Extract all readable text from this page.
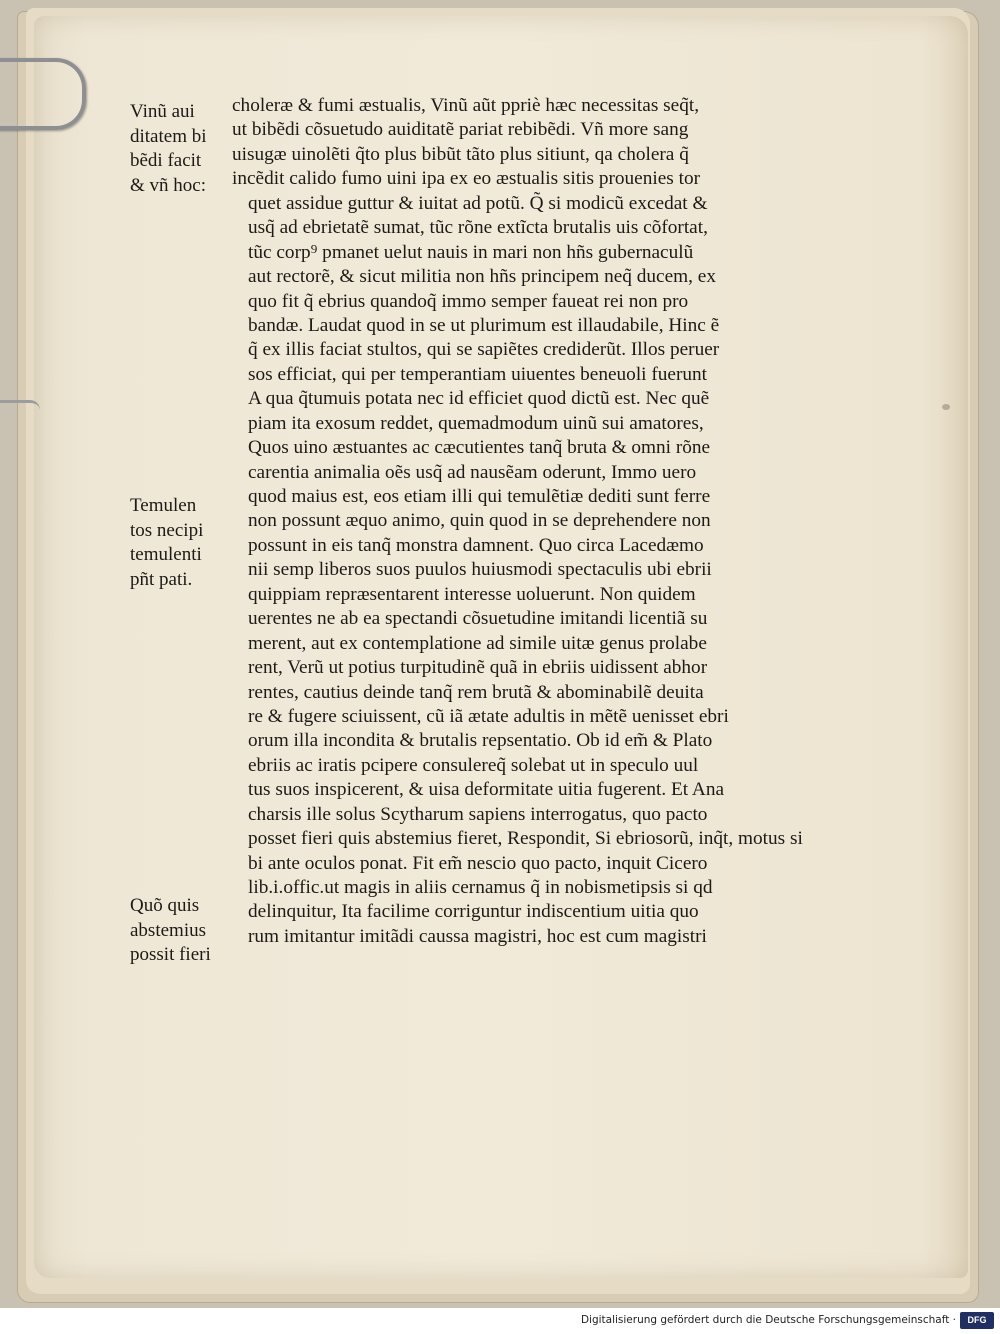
Vinũ aui
ditatem bi
bẽdi facit
& vñ hoc:
Temulen
tos necipi
temulenti
pñt pati.
Quõ quis
abstemius
possit fieri
choleræ & fumi æstualis, Vinũ aũt ppriè hæc necessitas seq̃t,
ut bibẽdi cõsuetudo auiditatẽ pariat rebibẽdi. Vñ more sang
uisugæ uinolẽti q̃to plus bibũt tãto plus sitiunt, qa cholera q̃
incẽdit calido fumo uini ipa ex eo æstualis sitis prouenies tor
quet assidue guttur & iuitat ad potũ. Q̃ si modicũ excedat &
usq̃ ad ebrietatẽ sumat, tũc rõne extĩcta brutalis uis cõfortat,
tũc corp⁹ pmanet uelut nauis in mari non hñs gubernaculũ
aut rectorẽ, & sicut militia non hñs principem neq̃ ducem, ex
quo fit q̃ ebrius quandoq̃ immo semper faueat rei non pro
bandæ. Laudat quod in se ut plurimum est illaudabile, Hinc ẽ
q̃ ex illis faciat stultos, qui se sapiẽtes crediderũt. Illos peruer
sos efficiat, qui per temperantiam uiuentes beneuoli fuerunt
A qua q̃tumuis potata nec id efficiet quod dictũ est. Nec quẽ
piam ita exosum reddet, quemadmodum uinũ sui amatores,
Quos uino æstuantes ac cæcutientes tanq̃ bruta & omni rõne
carentia animalia oẽs usq̃ ad nausẽam oderunt, Immo uero
quod maius est, eos etiam illi qui temulẽtiæ dediti sunt ferre
non possunt æquo animo, quin quod in se deprehendere non
possunt in eis tanq̃ monstra damnent. Quo circa Lacedæmo
nii semp liberos suos puulos huiusmodi spectaculis ubi ebrii
quippiam repræsentarent interesse uoluerunt. Non quidem
uerentes ne ab ea spectandi cõsuetudine imitandi licentiã su
merent, aut ex contemplatione ad simile uitæ genus prolabe
rent, Verũ ut potius turpitudinẽ quã in ebriis uidissent abhor
rentes, cautius deinde tanq̃ rem brutã & abominabilẽ deuita
re & fugere sciuissent, cũ iã ætate adultis in mẽtẽ uenisset ebri
orum illa incondita & brutalis repsentatio. Ob id em̃ & Plato
ebriis ac iratis pcipere consulereq̃ solebat ut in speculo uul
tus suos inspicerent, & uisa deformitate uitia fugerent. Et Ana
charsis ille solus Scytharum sapiens interrogatus, quo pacto
posset fieri quis abstemius fieret, Respondit, Si ebriosorũ, inq̃t, motus si
bi ante oculos ponat. Fit em̃ nescio quo pacto, inquit Cicero
lib.i.offic.ut magis in aliis cernamus q̃ in nobismetipsis si qd
delinquitur, Ita facilime corriguntur indiscentium uitia quo
rum imitantur imitãdi caussa magistri, hoc est cum magistri
Digitalisierung gefördert durch die Deutsche Forschungsgemeinschaft ·	DFG
